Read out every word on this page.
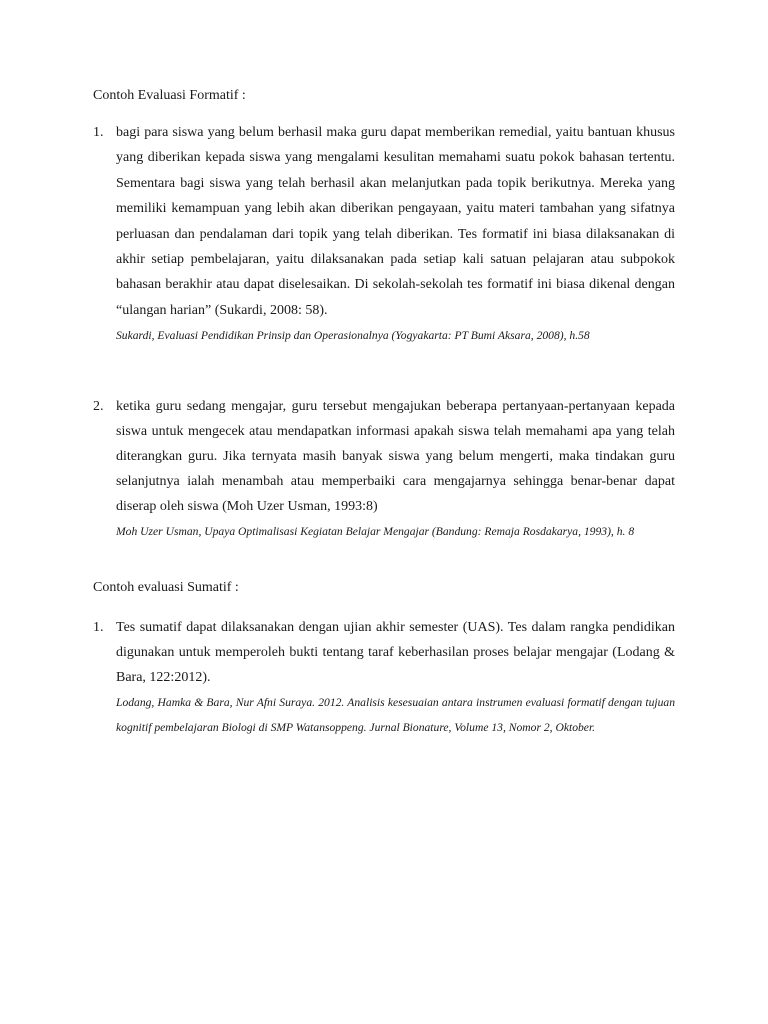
Contoh Evaluasi Formatif :
1. bagi para siswa yang belum berhasil maka guru dapat memberikan remedial, yaitu bantuan khusus yang diberikan kepada siswa yang mengalami kesulitan memahami suatu pokok bahasan tertentu. Sementara bagi siswa yang telah berhasil akan melanjutkan pada topik berikutnya. Mereka yang memiliki kemampuan yang lebih akan diberikan pengayaan, yaitu materi tambahan yang sifatnya perluasan dan pendalaman dari topik yang telah diberikan. Tes formatif ini biasa dilaksanakan di akhir setiap pembelajaran, yaitu dilaksanakan pada setiap kali satuan pelajaran atau subpokok bahasan berakhir atau dapat diselesaikan. Di sekolah-sekolah tes formatif ini biasa dikenal dengan “ulangan harian” (Sukardi, 2008: 58).
Sukardi, Evaluasi Pendidikan Prinsip dan Operasionalnya (Yogyakarta: PT Bumi Aksara, 2008), h.58
2. ketika guru sedang mengajar, guru tersebut mengajukan beberapa pertanyaan-pertanyaan kepada siswa untuk mengecek atau mendapatkan informasi apakah siswa telah memahami apa yang telah diterangkan guru. Jika ternyata masih banyak siswa yang belum mengerti, maka tindakan guru selanjutnya ialah menambah atau memperbaiki cara mengajarnya sehingga benar-benar dapat diserap oleh siswa (Moh Uzer Usman, 1993:8)
Moh Uzer Usman, Upaya Optimalisasi Kegiatan Belajar Mengajar (Bandung: Remaja Rosdakarya, 1993), h. 8
Contoh evaluasi Sumatif :
1. Tes sumatif dapat dilaksanakan dengan ujian akhir semester (UAS). Tes dalam rangka pendidikan digunakan untuk memperoleh bukti tentang taraf keberhasilan proses belajar mengajar (Lodang & Bara, 122:2012).
Lodang, Hamka & Bara, Nur Afni Suraya. 2012. Analisis kesesuaian antara instrumen evaluasi formatif dengan tujuan kognitif pembelajaran Biologi di SMP Watansoppeng. Jurnal Bionature, Volume 13, Nomor 2, Oktober.
